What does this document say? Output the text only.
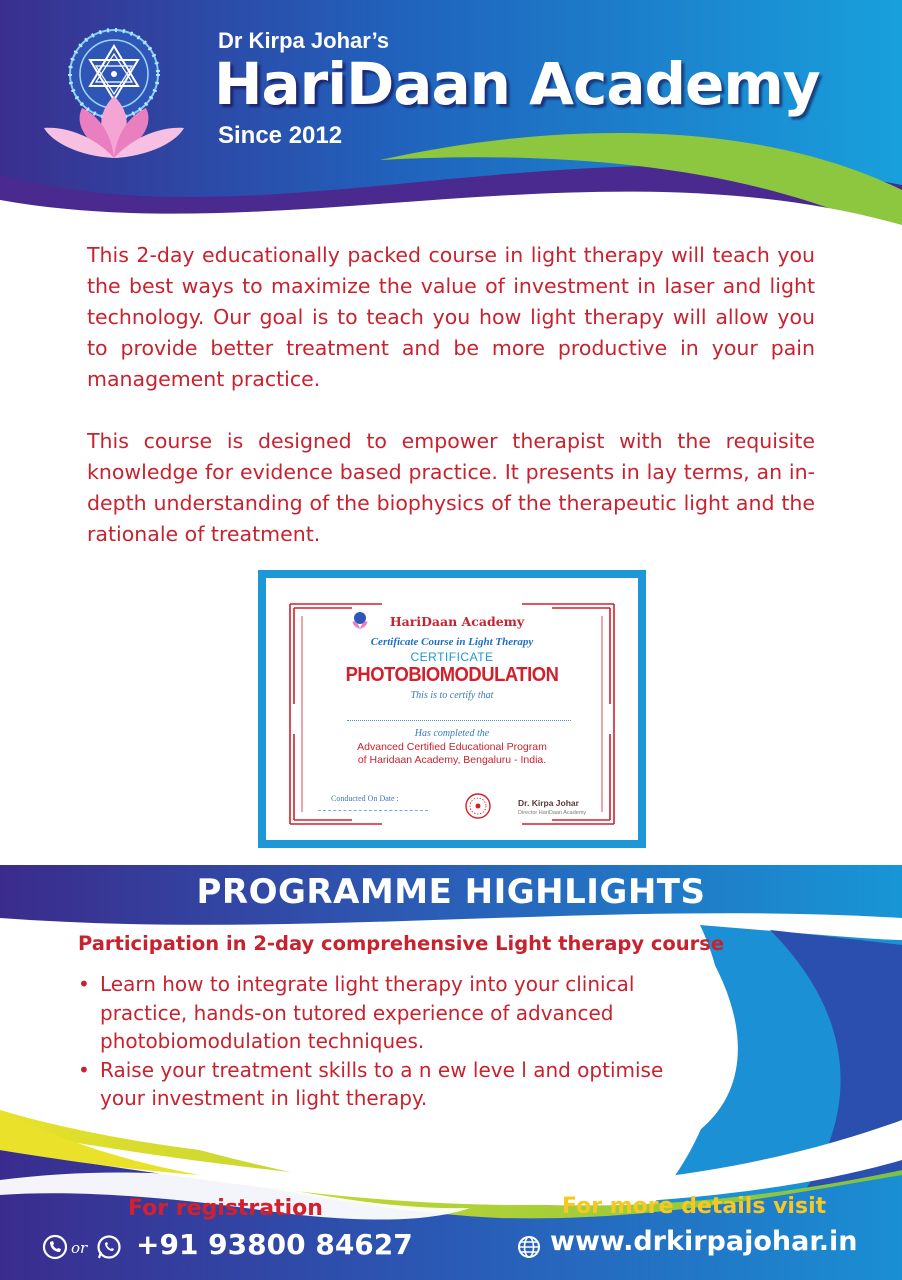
Dr Kirpa Johar’s
HariDaan Academy
Since 2012

This 2-day educationally packed course in light therapy will teach you the best ways to maximize the value of investment in laser and light technology. Our goal is to teach you how light therapy will allow you to provide better treatment and be more productive in your pain management practice.

This course is designed to empower therapist with the requisite knowledge for evidence based practice. It presents in lay terms, an in-depth understanding of the biophysics of the therapeutic light and the rationale of treatment.

HariDaan Academy
Certificate Course in Light Therapy
CERTIFICATE
PHOTOBIOMODULATION
This is to certify that
Has completed the
Advanced Certified Educational Program
of Haridaan Academy, Bengaluru - India.
Conducted On Date :	Dr. Kirpa Johar
Director HariDaan Academy
PROGRAMME HIGHLIGHTS
Participation in 2-day comprehensive Light therapy course
• Learn how to integrate light therapy into your clinical practice, hands-on tutored experience of advanced photobiomodulation techniques.
• Raise your treatment skills to a n ew leve l and optimise your investment in light therapy.
For registration
or +91 93800 84627
For more details visit
www.drkirpajohar.in
